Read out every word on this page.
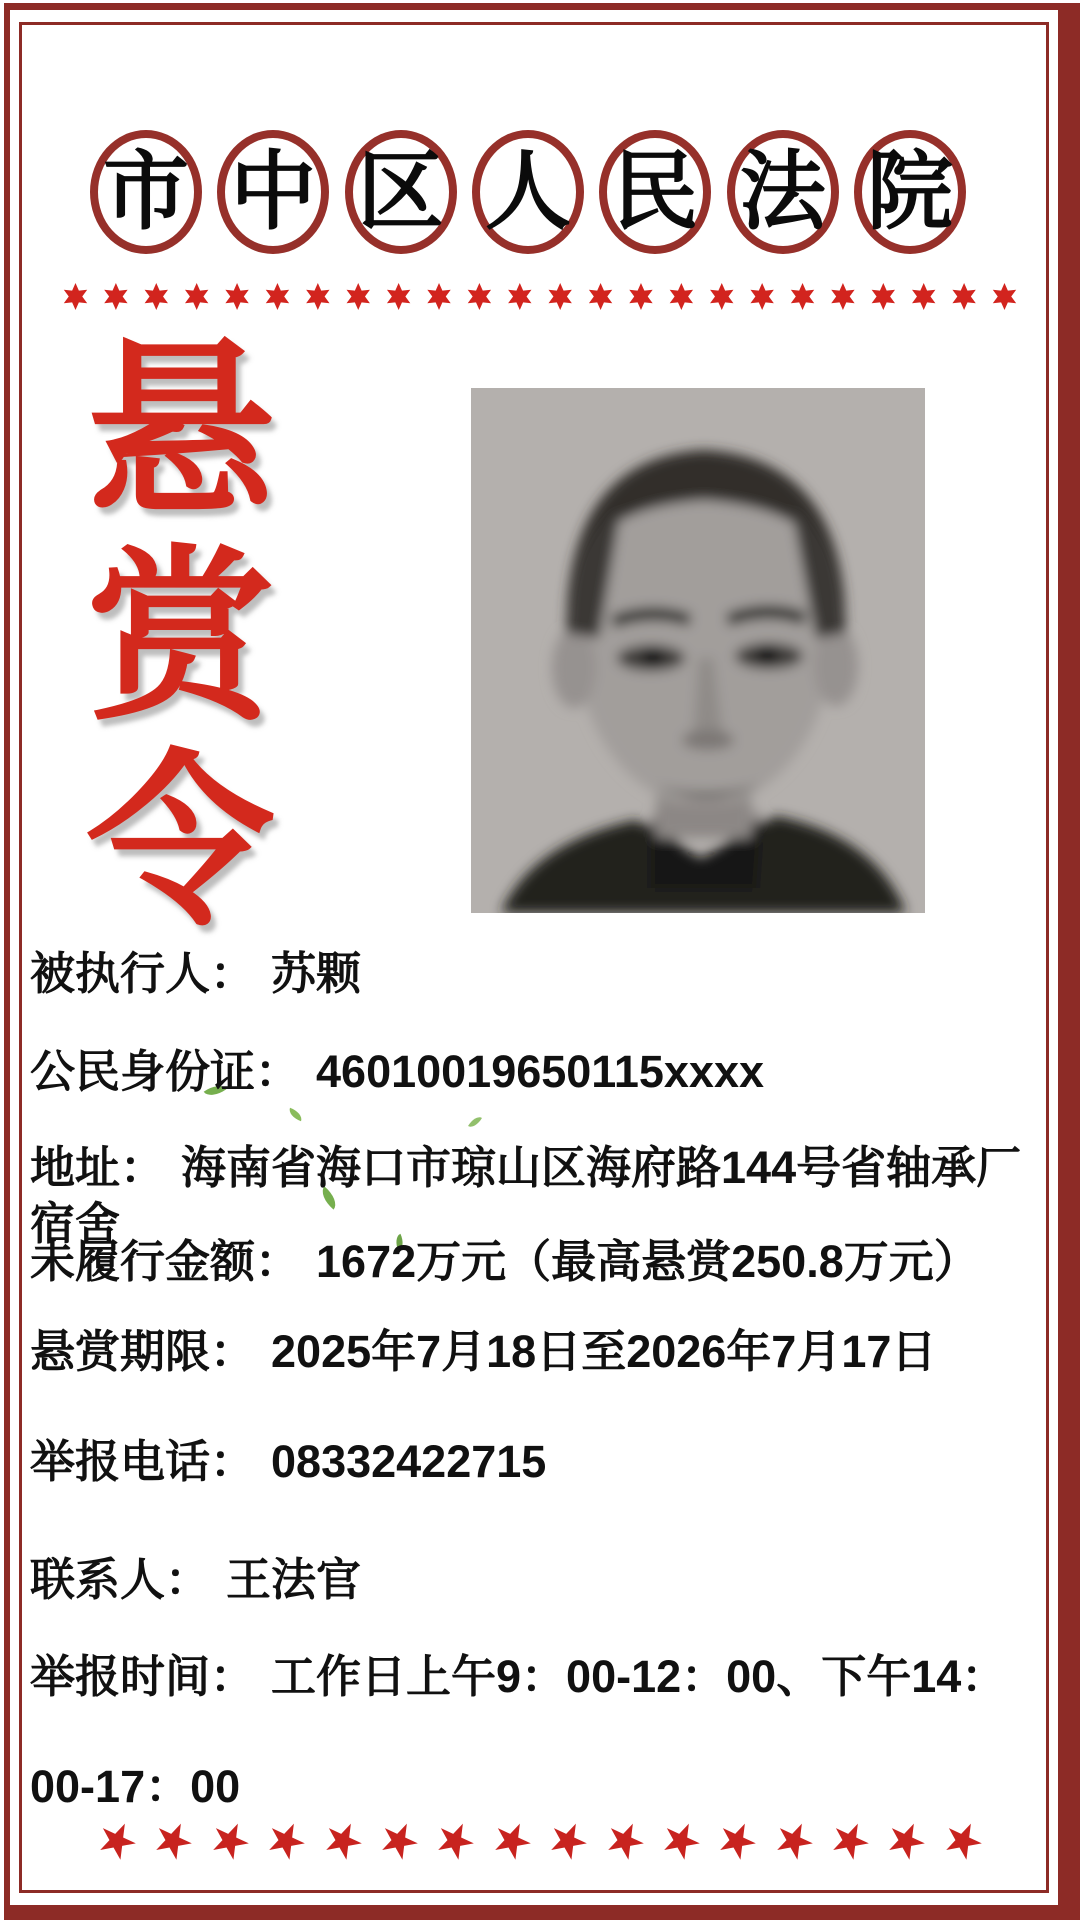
市 中 区 人 民 法 院
悬
赏
令
被执行人： 苏颗
公民身份证： 46010019650115xxxx
地址： 海南省海口市琼山区海府路144号省轴承厂宿舍
未履行金额： 1672万元（最高悬赏250.8万元）
悬赏期限： 2025年7月18日至2026年7月17日
举报电话： 08332422715
联系人： 王法官
举报时间： 工作日上午9：00-12：00、下午14：00-17：00
